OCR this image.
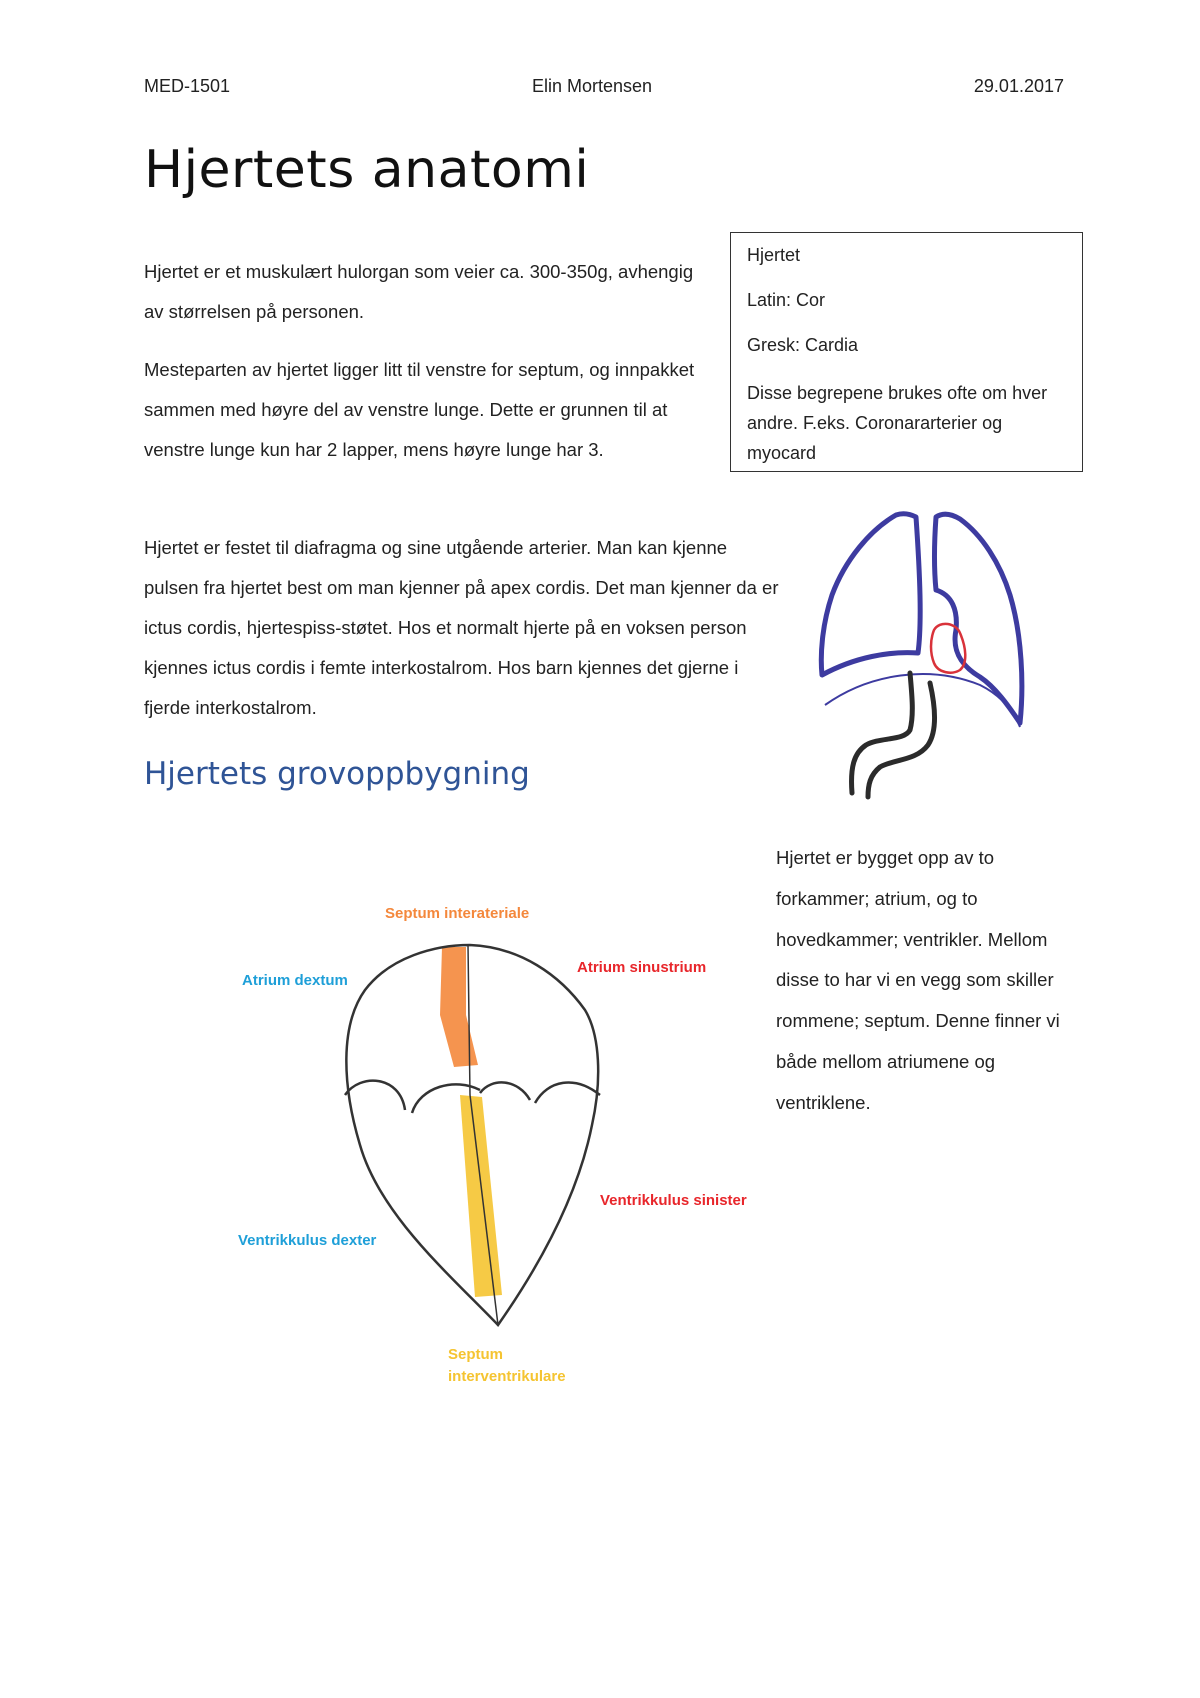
MED-1501	Elin Mortensen	29.01.2017
Hjertets anatomi

Hjertet er et muskulært hulorgan som veier ca. 300-350g, avhengig av størrelsen på personen.

Mesteparten av hjertet ligger litt til venstre for septum, og innpakket sammen med høyre del av venstre lunge. Dette er grunnen til at venstre lunge kun har 2 lapper, mens høyre lunge har 3.

Hjertet er festet til diafragma og sine utgående arterier. Man kan kjenne pulsen fra hjertet best om man kjenner på apex cordis. Det man kjenner da er ictus cordis, hjertespiss-støtet. Hos et normalt hjerte på en voksen person kjennes ictus cordis i femte interkostalrom. Hos barn kjennes det gjerne i fjerde interkostalrom.

Hjertet

Latin: Cor

Gresk: Cardia

Disse begrepene brukes ofte om hver andre. F.eks. Coronararterier og myocard

Hjertets grovoppbygning

Hjertet er bygget opp av to forkammer; atrium, og to hovedkammer; ventrikler. Mellom disse to har vi en vegg som skiller rommene; septum. Denne finner vi både mellom atriumene og ventriklene.

Septum interateriale
Atrium dextum
Atrium sinustrium
Ventrikkulus sinister
Ventrikkulus dexter
Septum
interventrikulare
